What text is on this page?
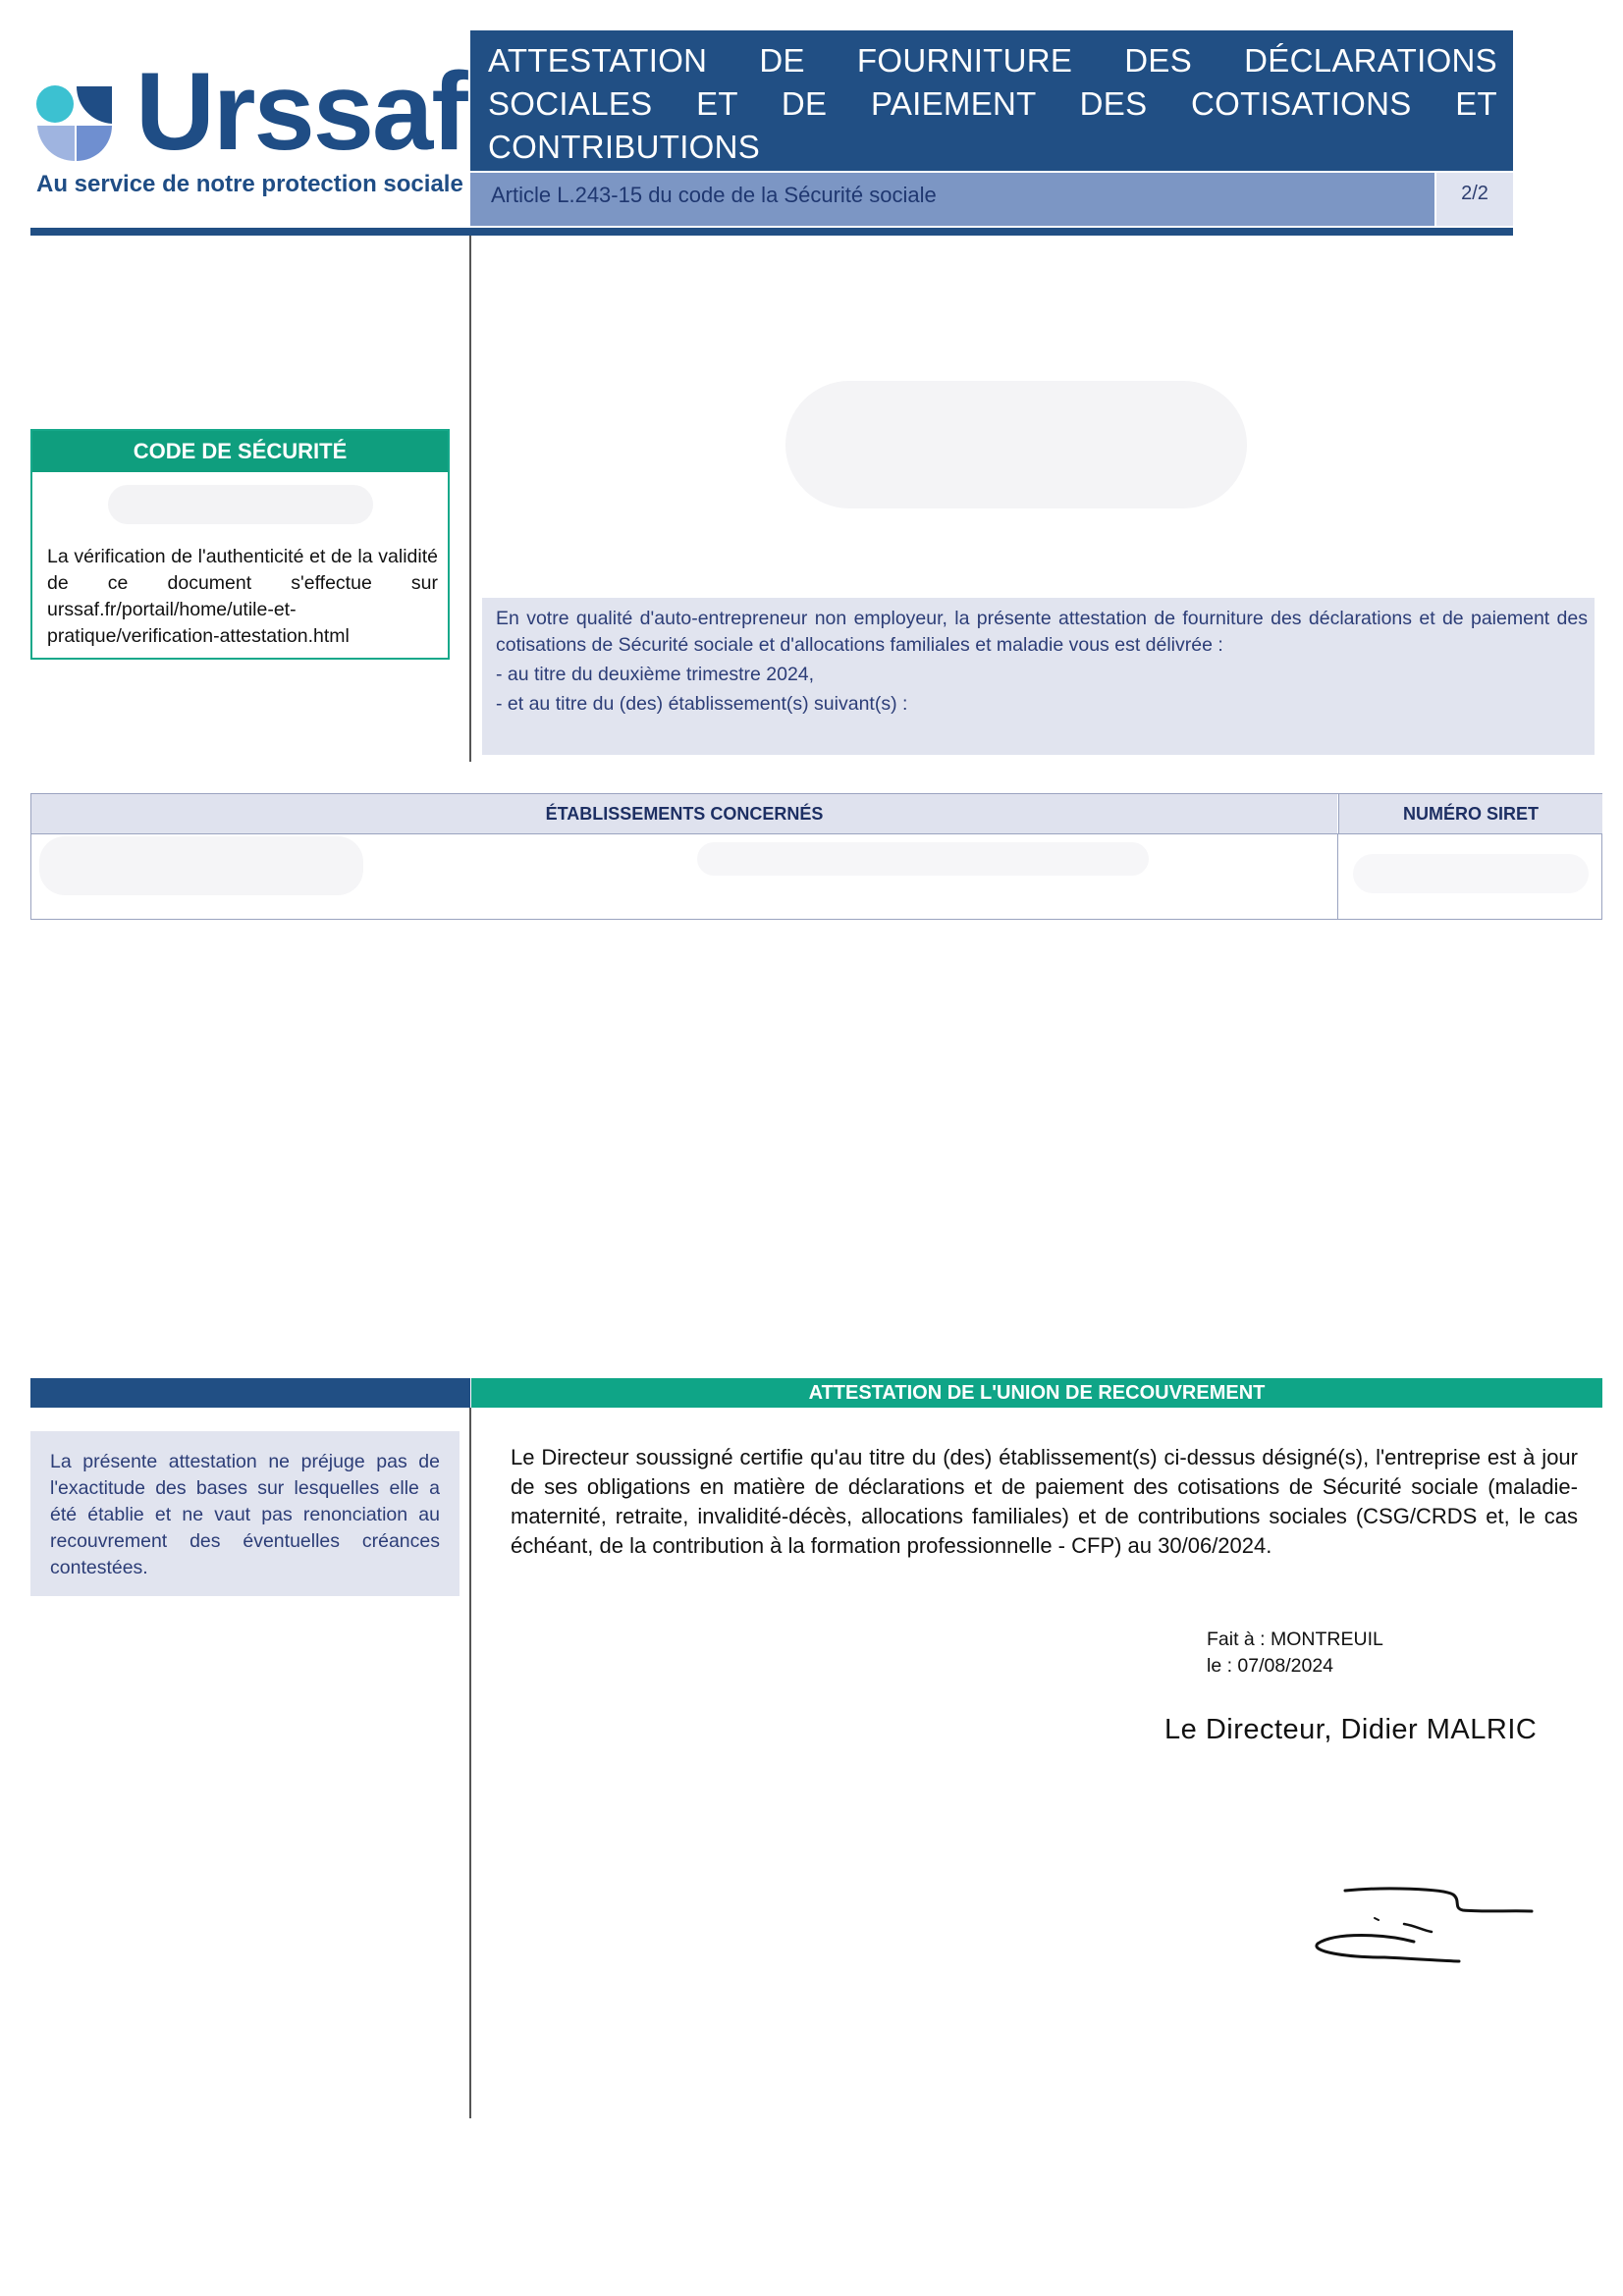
Urssaf
Au service de notre protection sociale
ATTESTATION DE FOURNITURE DES DÉCLARATIONS SOCIALES ET DE PAIEMENT DES COTISATIONS ET CONTRIBUTIONS
Article L.243-15 du code de la Sécurité sociale	2/2
CODE DE SÉCURITÉ
La vérification de l'authenticité et de la validité de ce document s'effectue sur urssaf.fr/portail/home/utile-et-pratique/verification-attestation.html
En votre qualité d'auto-entrepreneur non employeur, la présente attestation de fourniture des déclarations et de paiement des cotisations de Sécurité sociale et d'allocations familiales et maladie vous est délivrée :
- au titre du deuxième trimestre 2024,
- et au titre du (des) établissement(s) suivant(s) :
ÉTABLISSEMENTS CONCERNÉS	NUMÉRO SIRET
ATTESTATION DE L'UNION DE RECOUVREMENT
La présente attestation ne préjuge pas de l'exactitude des bases sur lesquelles elle a été établie et ne vaut pas renonciation au recouvrement des éventuelles créances contestées.
Le Directeur soussigné certifie qu'au titre du (des) établissement(s) ci-dessus désigné(s), l'entreprise est à jour de ses obligations en matière de déclarations et de paiement des cotisations de Sécurité sociale (maladie-maternité, retraite, invalidité-décès, allocations familiales) et de contributions sociales (CSG/CRDS et, le cas échéant, de la contribution à la formation professionnelle - CFP) au 30/06/2024.
Fait à : MONTREUIL
le : 07/08/2024
Le Directeur, Didier MALRIC
